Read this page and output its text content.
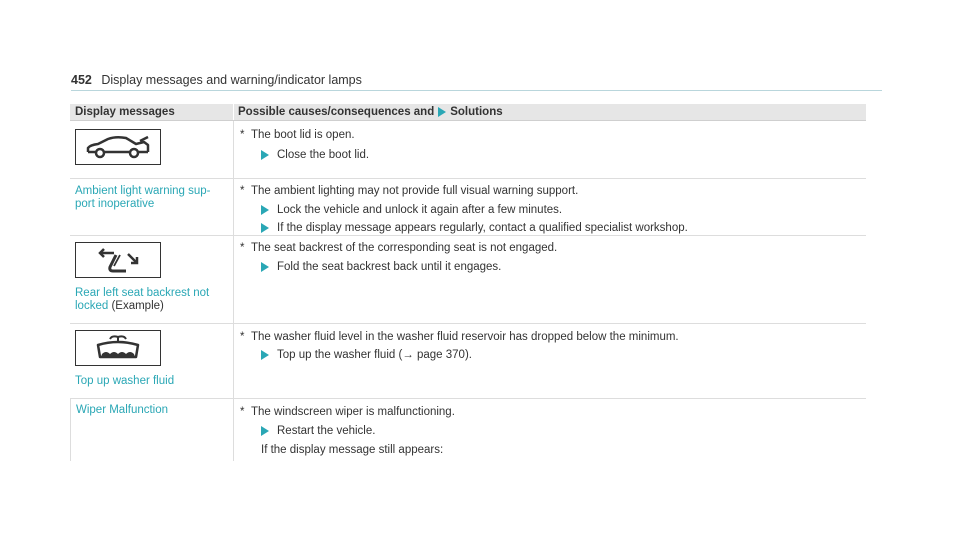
452 Display messages and warning/indicator lamps
Display messages	Possible causes/consequences and Solutions
* The boot lid is open.
Close the boot lid.
Ambient light warning sup-
port inoperative
* The ambient lighting may not provide full visual warning support.
Lock the vehicle and unlock it again after a few minutes.
If the display message appears regularly, contact a qualified specialist workshop.
Rear left seat backrest not
locked (Example)
* The seat backrest of the corresponding seat is not engaged.
Fold the seat backrest back until it engages.
Top up washer fluid
* The washer fluid level in the washer fluid reservoir has dropped below the minimum.
Top up the washer fluid (→ page 370).
Wiper Malfunction	* The windscreen wiper is malfunctioning.
Restart the vehicle.
If the display message still appears:
